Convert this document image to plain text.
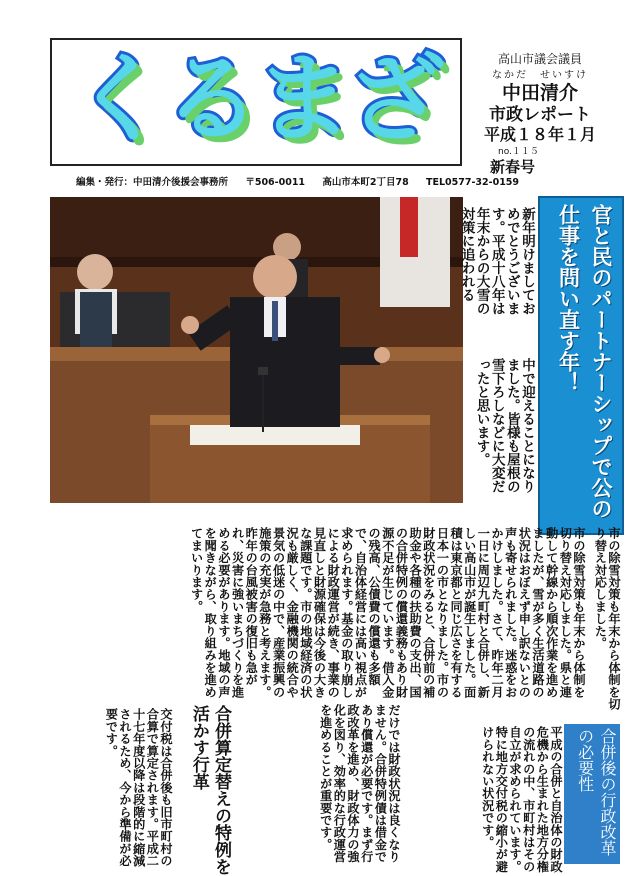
くるまざ	高山市議会議員
なかだ　せいすけ
中田清介
市政レポート
平成１８年１月
no.１１５
新春号
編集・発行：中田清介後援会事務所 〒506-0011 高山市本町2丁目78 TEL0577-32-0159
新年明けましておめでとうございます。平成十八年は年末からの大雪の対策に追われる
中で迎えることになりました。皆様も屋根の雪下ろしなどに大変だったと思います。	官と民のパートナーシップで公の仕事を問い直す年！
市の除雪対策も年末から体制を切り替え対応しました。県と連動して幹線から順次作業を進めましたが、雪が多く生活道路の状況はおぼえず申し訳ないとの声も寄せられました。迷惑をおかけしました。さて、昨年二月一日に周辺九町村と合併し、新しい高山市が誕生しました。面積は東京都と同じ広さを有する日本一の市となりました。市の財政状況をみると、合併前の補助金や各種の扶助費の支出、国の合併特例の償還義務もあり財源不足が生じています。借入金の残高、公債費の償還も多額で、自治体経営には高い視点が求められます。基金の取り崩しによる財政運営が続き、事業の見直しと財源確保は今後の大きな課題です。市の地域経済の状況も厳しく、金融機関の統合や景気の低迷の中で、産業振興の施策の充実が急務と考えます。昨年の台風被害の復旧も急がれ、災害に強いまちづくりを進める必要があります。地域の声を聞きながら、取り組みを進めてまいります。	市の除雪対策も年末から体制を切り替え対応しました。
合併後の行政改革の必要性
平成の合併と自治体の財政危機から生まれた地方分権の流れの中、市町村はその自立が求められています。特に地方交付税の縮小が避けられない状況です。
だけでは財政状況は良くなりません。合併特例債は借金であり償還が必要です。まず行政改革を進め、財政体力の強化を図り、効率的な行政運営を進めることが重要です。
合併算定替えの特例を活かす行革
交付税は合併後も旧市町村の合算で算定されます。平成二十七年度以降は段階的に縮減されるため、今から準備が必要です。
